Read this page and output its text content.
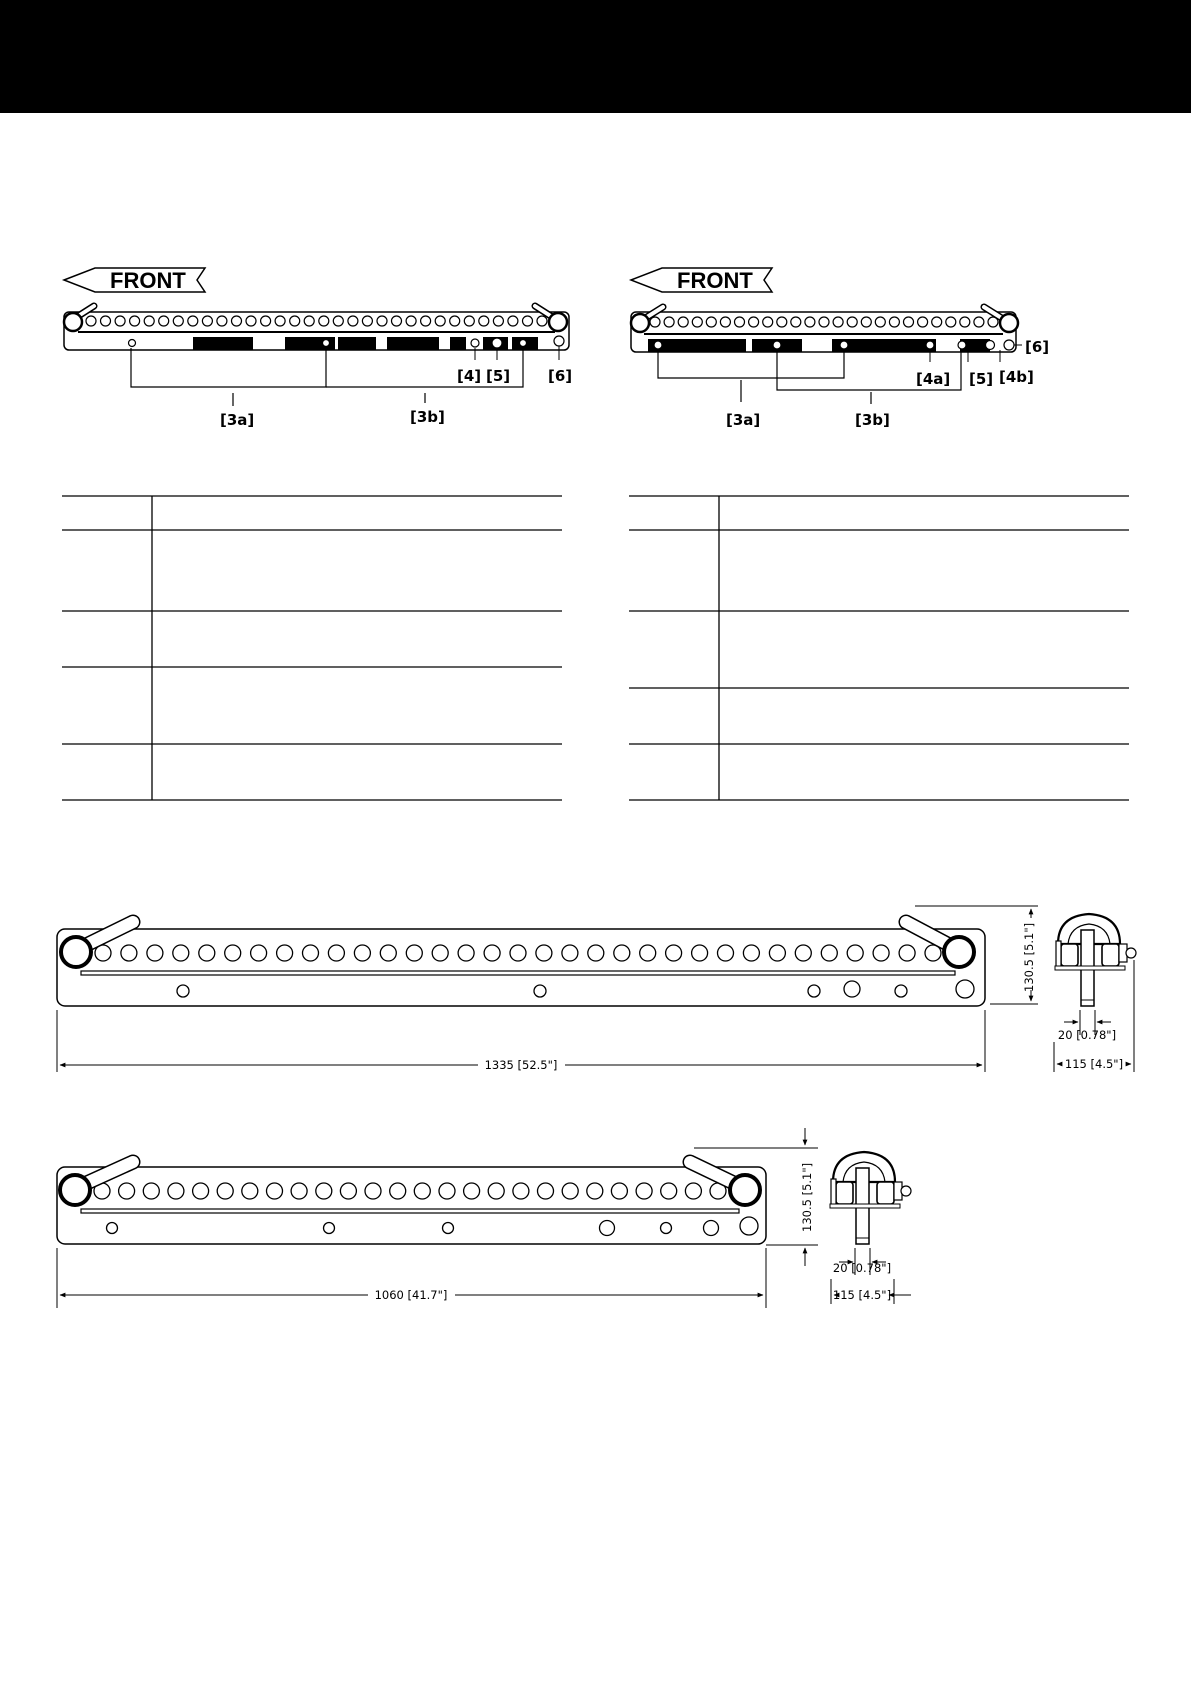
FRONT	FRONT
[3a]	[3b]
[4] [5]	[6]
[3a]	[3b]
[4a] [5] [4b]
[6]
130.5 [5.1"]
1335 [52.5"]
20 [0.78"]
115 [4.5"]
130.5 [5.1"]
1060 [41.7"]
20 [0.78"]
115 [4.5"]
